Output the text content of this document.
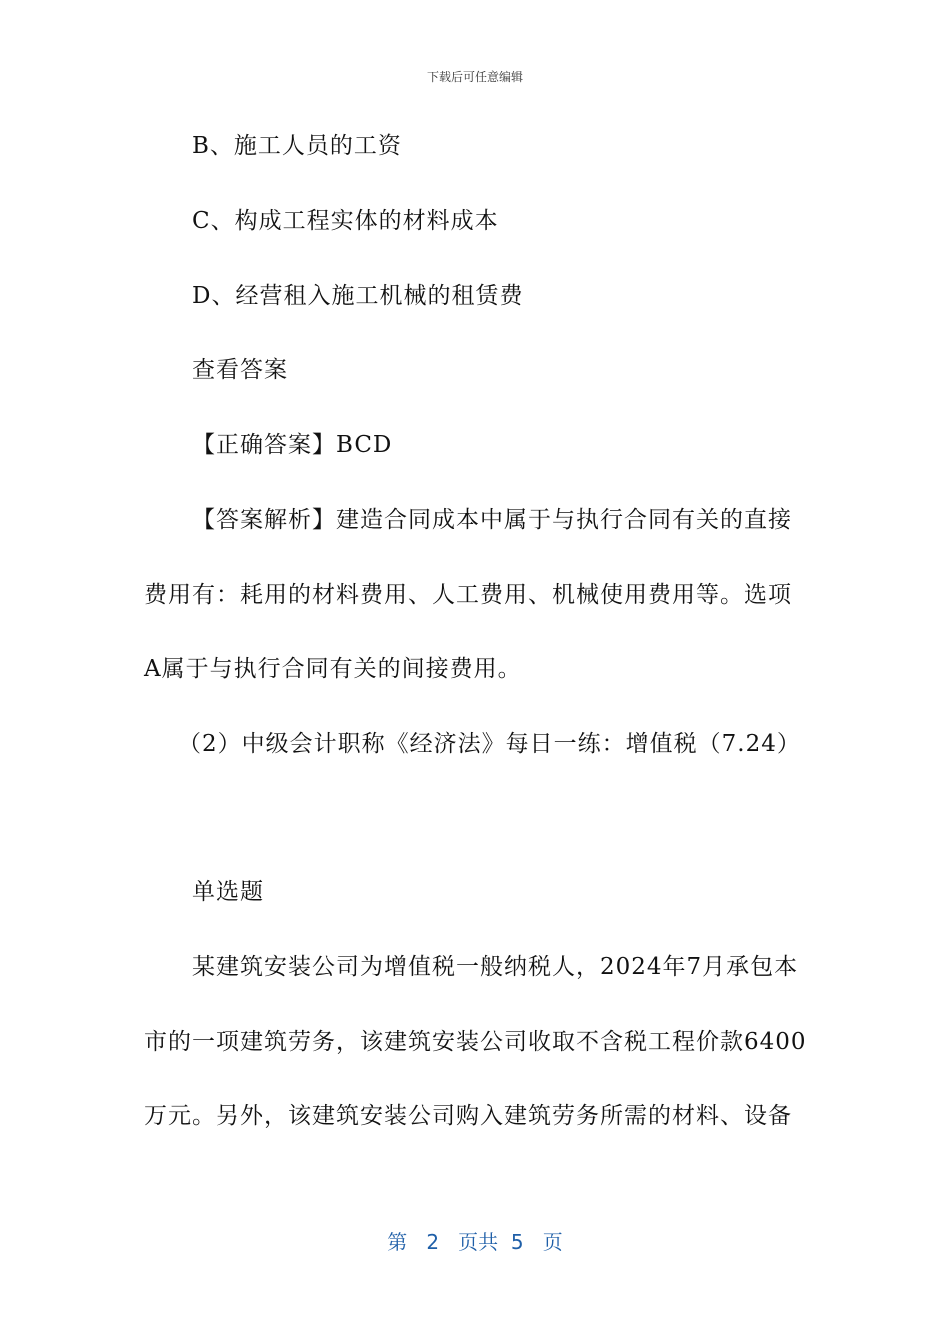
下载后可任意编辑
B、施工人员的工资
C、构成工程实体的材料成本
D、经营租入施工机械的租赁费
查看答案
【正确答案】BCD
【答案解析】建造合同成本中属于与执行合同有关的直接
费用有：耗用的材料费用、人工费用、机械使用费用等。选项
A属于与执行合同有关的间接费用。
（2）中级会计职称《经济法》每日一练：增值税（7.24）
单选题
某建筑安装公司为增值税一般纳税人，2024年7月承包本
市的一项建筑劳务，该建筑安装公司收取不含税工程价款6400
万元。另外，该建筑安装公司购入建筑劳务所需的材料、设备
第 2 页共 5 页
